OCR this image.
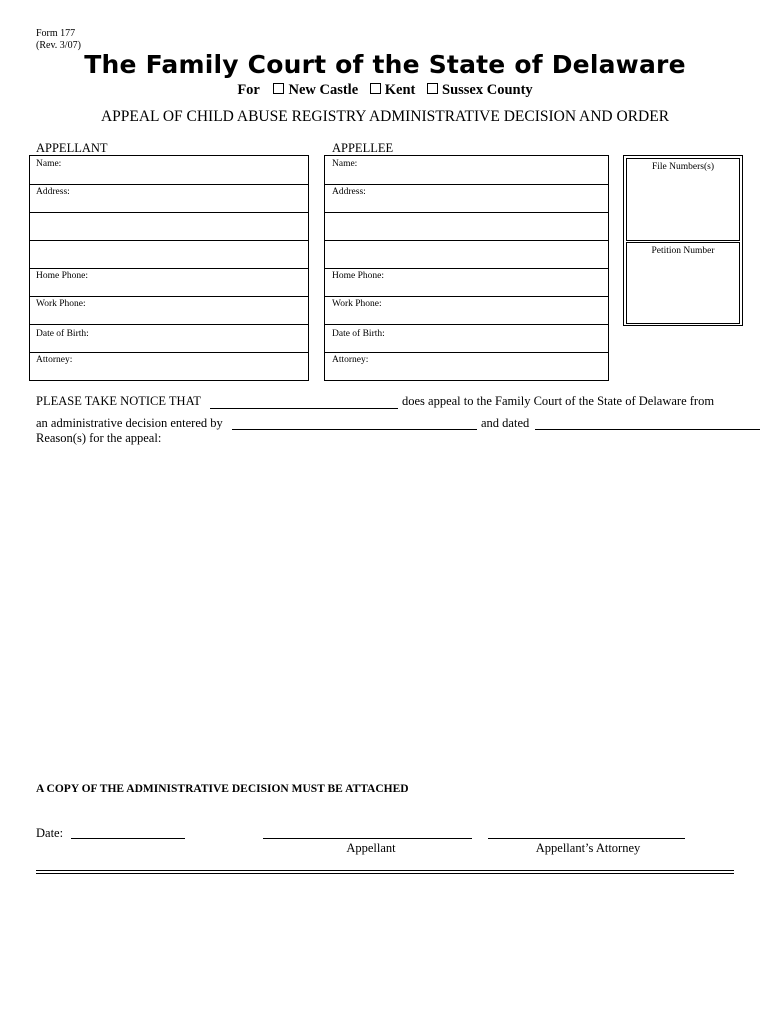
Form 177
(Rev. 3/07)
The Family Court of the State of Delaware
For New Castle Kent Sussex County
APPEAL OF CHILD ABUSE REGISTRY ADMINISTRATIVE DECISION AND ORDER
APPELLANT
Name:
Address:
Home Phone:
Work Phone:
Date of Birth:
Attorney:
APPELLEE
Name:
Address:
Home Phone:
Work Phone:
Date of Birth:
Attorney:
File Numbers(s)
Petition Number
PLEASE TAKE NOTICE THAT	does appeal to the Family Court of the State of Delaware from
an administrative decision entered by	and dated
Reason(s) for the appeal:
A COPY OF THE ADMINISTRATIVE DECISION MUST BE ATTACHED
Date:
Appellant	Appellant’s Attorney
